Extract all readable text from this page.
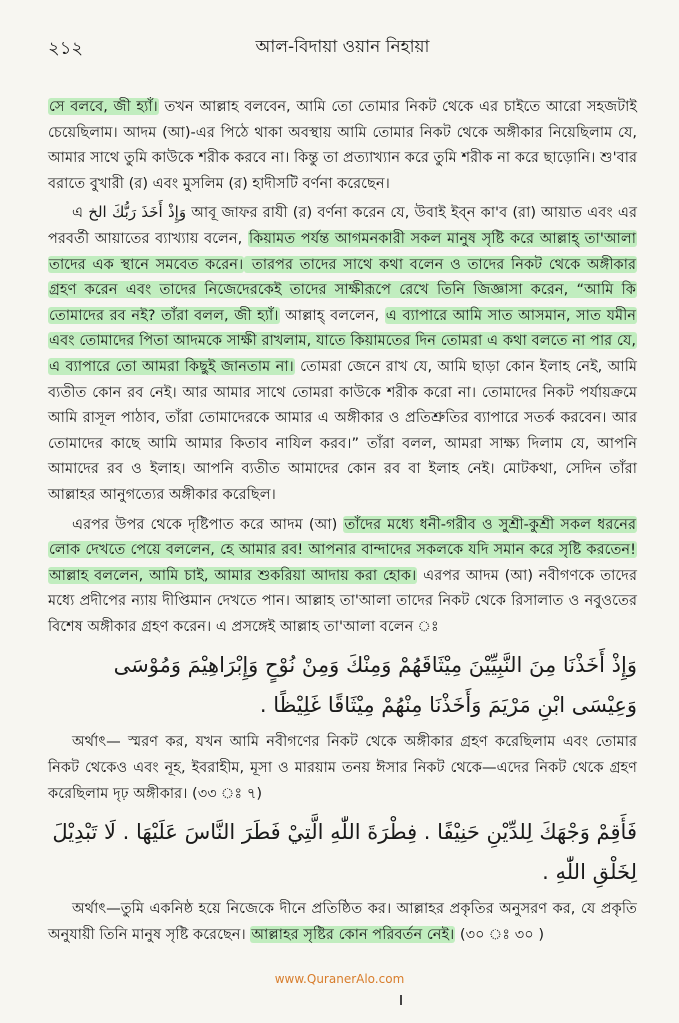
২১২	আল-বিদায়া ওয়ান নিহায়া

সে বলবে, জী হ্যাঁ। তখন আল্লাহ বলবেন, আমি তো তোমার নিকট থেকে এর চাইতে আরো সহজটাই চেয়েছিলাম। আদম (আ)-এর পিঠে থাকা অবস্থায় আমি তোমার নিকট থেকে অঙ্গীকার নিয়েছিলাম যে, আমার সাথে তুমি কাউকে শরীক করবে না। কিন্তু তা প্রত্যাখ্যান করে তুমি শরীক না করে ছাড়োনি। শু'বার বরাতে বুখারী (র) এবং মুসলিম (র) হাদীসটি বর্ণনা করেছেন।

এ وَإِذْ أَخَذَ رَبُّكَ الخ আবূ জাফর রাযী (র) বর্ণনা করেন যে, উবাই ইব্‌ন কা'ব (রা) আয়াত এবং এর পরবর্তী আয়াতের ব্যাখ্যায় বলেন, কিয়ামত পর্যন্ত আগমনকারী সকল মানুষ সৃষ্টি করে আল্লাহ্ তা'আলা তাদের এক স্থানে সমবেত করেন। তারপর তাদের সাথে কথা বলেন ও তাদের নিকট থেকে অঙ্গীকার গ্রহণ করেন এবং তাদের নিজেদেরকেই তাদের সাক্ষীরূপে রেখে তিনি জিজ্ঞাসা করেন, “আমি কি তোমাদের রব নই? তাঁরা বলল, জী হ্যাঁ। আল্লাহ্ বললেন, এ ব্যাপারে আমি সাত আসমান, সাত যমীন এবং তোমাদের পিতা আদমকে সাক্ষী রাখলাম, যাতে কিয়ামতের দিন তোমরা এ কথা বলতে না পার যে, এ ব্যাপারে তো আমরা কিছুই জানতাম না। তোমরা জেনে রাখ যে, আমি ছাড়া কোন ইলাহ নেই, আমি ব্যতীত কোন রব নেই। আর আমার সাথে তোমরা কাউকে শরীক করো না। তোমাদের নিকট পর্যায়ক্রমে আমি রাসূল পাঠাব, তাঁরা তোমাদেরকে আমার এ অঙ্গীকার ও প্রতিশ্রুতির ব্যাপারে সতর্ক করবেন। আর তোমাদের কাছে আমি আমার কিতাব নাযিল করব।” তাঁরা বলল, আমরা সাক্ষ্য দিলাম যে, আপনি আমাদের রব ও ইলাহ। আপনি ব্যতীত আমাদের কোন রব বা ইলাহ নেই। মোটকথা, সেদিন তাঁরা আল্লাহর আনুগত্যের অঙ্গীকার করেছিল।

এরপর উপর থেকে দৃষ্টিপাত করে আদম (আ) তাঁদের মধ্যে ধনী-গরীব ও সুশ্রী-কুশ্রী সকল ধরনের লোক দেখতে পেয়ে বললেন, হে আমার রব! আপনার বান্দাদের সকলকে যদি সমান করে সৃষ্টি করতেন! আল্লাহ বললেন, আমি চাই, আমার শুকরিয়া আদায় করা হোক। এরপর আদম (আ) নবীগণকে তাদের মধ্যে প্রদীপের ন্যায় দীপ্তিমান দেখতে পান। আল্লাহ তা'আলা তাদের নিকট থেকে রিসালাত ও নবুওতের বিশেষ অঙ্গীকার গ্রহণ করেন। এ প্রসঙ্গেই আল্লাহ তা'আলা বলেন ঃ

وَإِذْ أَخَذْنَا مِنَ النَّبِيِّيْنَ مِيْثَاقَهُمْ وَمِنْكَ وَمِنْ نُوْحٍ وَإِبْرَاهِيْمَ وَمُوْسَى
وَعِيْسَى ابْنِ مَرْيَمَ وَأَخَذْنَا مِنْهُمْ مِيْثَاقًا غَلِيْظًا .

অর্থাৎ— স্মরণ কর, যখন আমি নবীগণের নিকট থেকে অঙ্গীকার গ্রহণ করেছিলাম এবং তোমার নিকট থেকেও এবং নূহ, ইবরাহীম, মূসা ও মারয়াম তনয় ঈসার নিকট থেকে—এদের নিকট থেকে গ্রহণ করেছিলাম দৃঢ় অঙ্গীকার। (৩৩ ঃ ৭)

فَأَقِمْ وَجْهَكَ لِلدِّيْنِ حَنِيْفًا . فِطْرَةَ اللّٰهِ الَّتِيْ فَطَرَ النَّاسَ عَلَيْهَا . لَا تَبْدِيْلَ
لِخَلْقِ اللّٰهِ .

অর্থাৎ—তুমি একনিষ্ঠ হয়ে নিজেকে দীনে প্রতিষ্ঠিত কর। আল্লাহর প্রকৃতির অনুসরণ কর, যে প্রকৃতি অনুযায়ী তিনি মানুষ সৃষ্টি করেছেন। আল্লাহর সৃষ্টির কোন পরিবর্তন নেই। (৩০ ঃ ৩০ )

www.QuranerAlo.com
